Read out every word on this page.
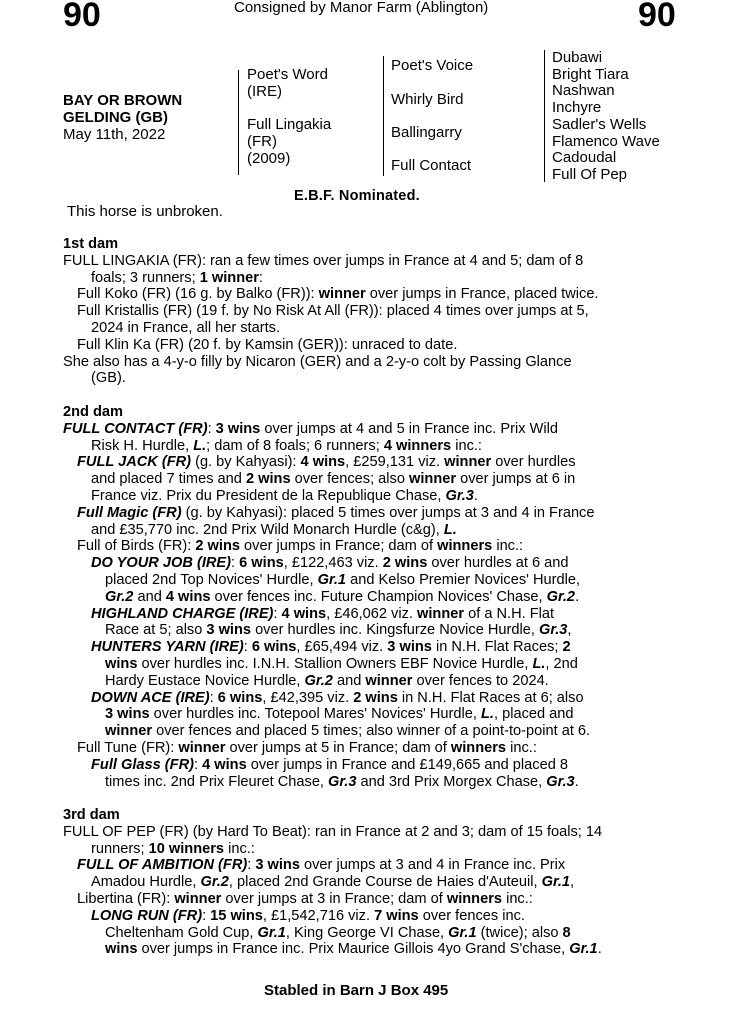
90	Consigned by Manor Farm (Ablington)	90
BAY OR BROWN
GELDING (GB)
May 11th, 2022
Poet's Word
(IRE)
Full Lingakia
(FR)
(2009)
Poet's Voice
Whirly Bird
Ballingarry
Full Contact
Dubawi
Bright Tiara
Nashwan
Inchyre
Sadler's Wells
Flamenco Wave
Cadoudal
Full Of Pep
E.B.F. Nominated.
This horse is unbroken.
1st dam
FULL LINGAKIA (FR): ran a few times over jumps in France at 4 and 5; dam of 8
foals; 3 runners; 1 winner:
Full Koko (FR) (16 g. by Balko (FR)): winner over jumps in France, placed twice.
Full Kristallis (FR) (19 f. by No Risk At All (FR)): placed 4 times over jumps at 5,
2024 in France, all her starts.
Full Klin Ka (FR) (20 f. by Kamsin (GER)): unraced to date.
She also has a 4-y-o filly by Nicaron (GER) and a 2-y-o colt by Passing Glance
(GB).
2nd dam
FULL CONTACT (FR): 3 wins over jumps at 4 and 5 in France inc. Prix Wild
Risk H. Hurdle, L.; dam of 8 foals; 6 runners; 4 winners inc.:
FULL JACK (FR) (g. by Kahyasi): 4 wins, £259,131 viz. winner over hurdles
and placed 7 times and 2 wins over fences; also winner over jumps at 6 in
France viz. Prix du President de la Republique Chase, Gr.3.
Full Magic (FR) (g. by Kahyasi): placed 5 times over jumps at 3 and 4 in France
and £35,770 inc. 2nd Prix Wild Monarch Hurdle (c&g), L.
Full of Birds (FR): 2 wins over jumps in France; dam of winners inc.:
DO YOUR JOB (IRE): 6 wins, £122,463 viz. 2 wins over hurdles at 6 and
placed 2nd Top Novices' Hurdle, Gr.1 and Kelso Premier Novices' Hurdle,
Gr.2 and 4 wins over fences inc. Future Champion Novices' Chase, Gr.2.
HIGHLAND CHARGE (IRE): 4 wins, £46,062 viz. winner of a N.H. Flat
Race at 5; also 3 wins over hurdles inc. Kingsfurze Novice Hurdle, Gr.3,
HUNTERS YARN (IRE): 6 wins, £65,494 viz. 3 wins in N.H. Flat Races; 2
wins over hurdles inc. I.N.H. Stallion Owners EBF Novice Hurdle, L., 2nd
Hardy Eustace Novice Hurdle, Gr.2 and winner over fences to 2024.
DOWN ACE (IRE): 6 wins, £42,395 viz. 2 wins in N.H. Flat Races at 6; also
3 wins over hurdles inc. Totepool Mares' Novices' Hurdle, L., placed and
winner over fences and placed 5 times; also winner of a point-to-point at 6.
Full Tune (FR): winner over jumps at 5 in France; dam of winners inc.:
Full Glass (FR): 4 wins over jumps in France and £149,665 and placed 8
times inc. 2nd Prix Fleuret Chase, Gr.3 and 3rd Prix Morgex Chase, Gr.3.
3rd dam
FULL OF PEP (FR) (by Hard To Beat): ran in France at 2 and 3; dam of 15 foals; 14
runners; 10 winners inc.:
FULL OF AMBITION (FR): 3 wins over jumps at 3 and 4 in France inc. Prix
Amadou Hurdle, Gr.2, placed 2nd Grande Course de Haies d'Auteuil, Gr.1,
Libertina (FR): winner over jumps at 3 in France; dam of winners inc.:
LONG RUN (FR): 15 wins, £1,542,716 viz. 7 wins over fences inc.
Cheltenham Gold Cup, Gr.1, King George VI Chase, Gr.1 (twice); also 8
wins over jumps in France inc. Prix Maurice Gillois 4yo Grand S'chase, Gr.1.
Stabled in Barn J Box 495
